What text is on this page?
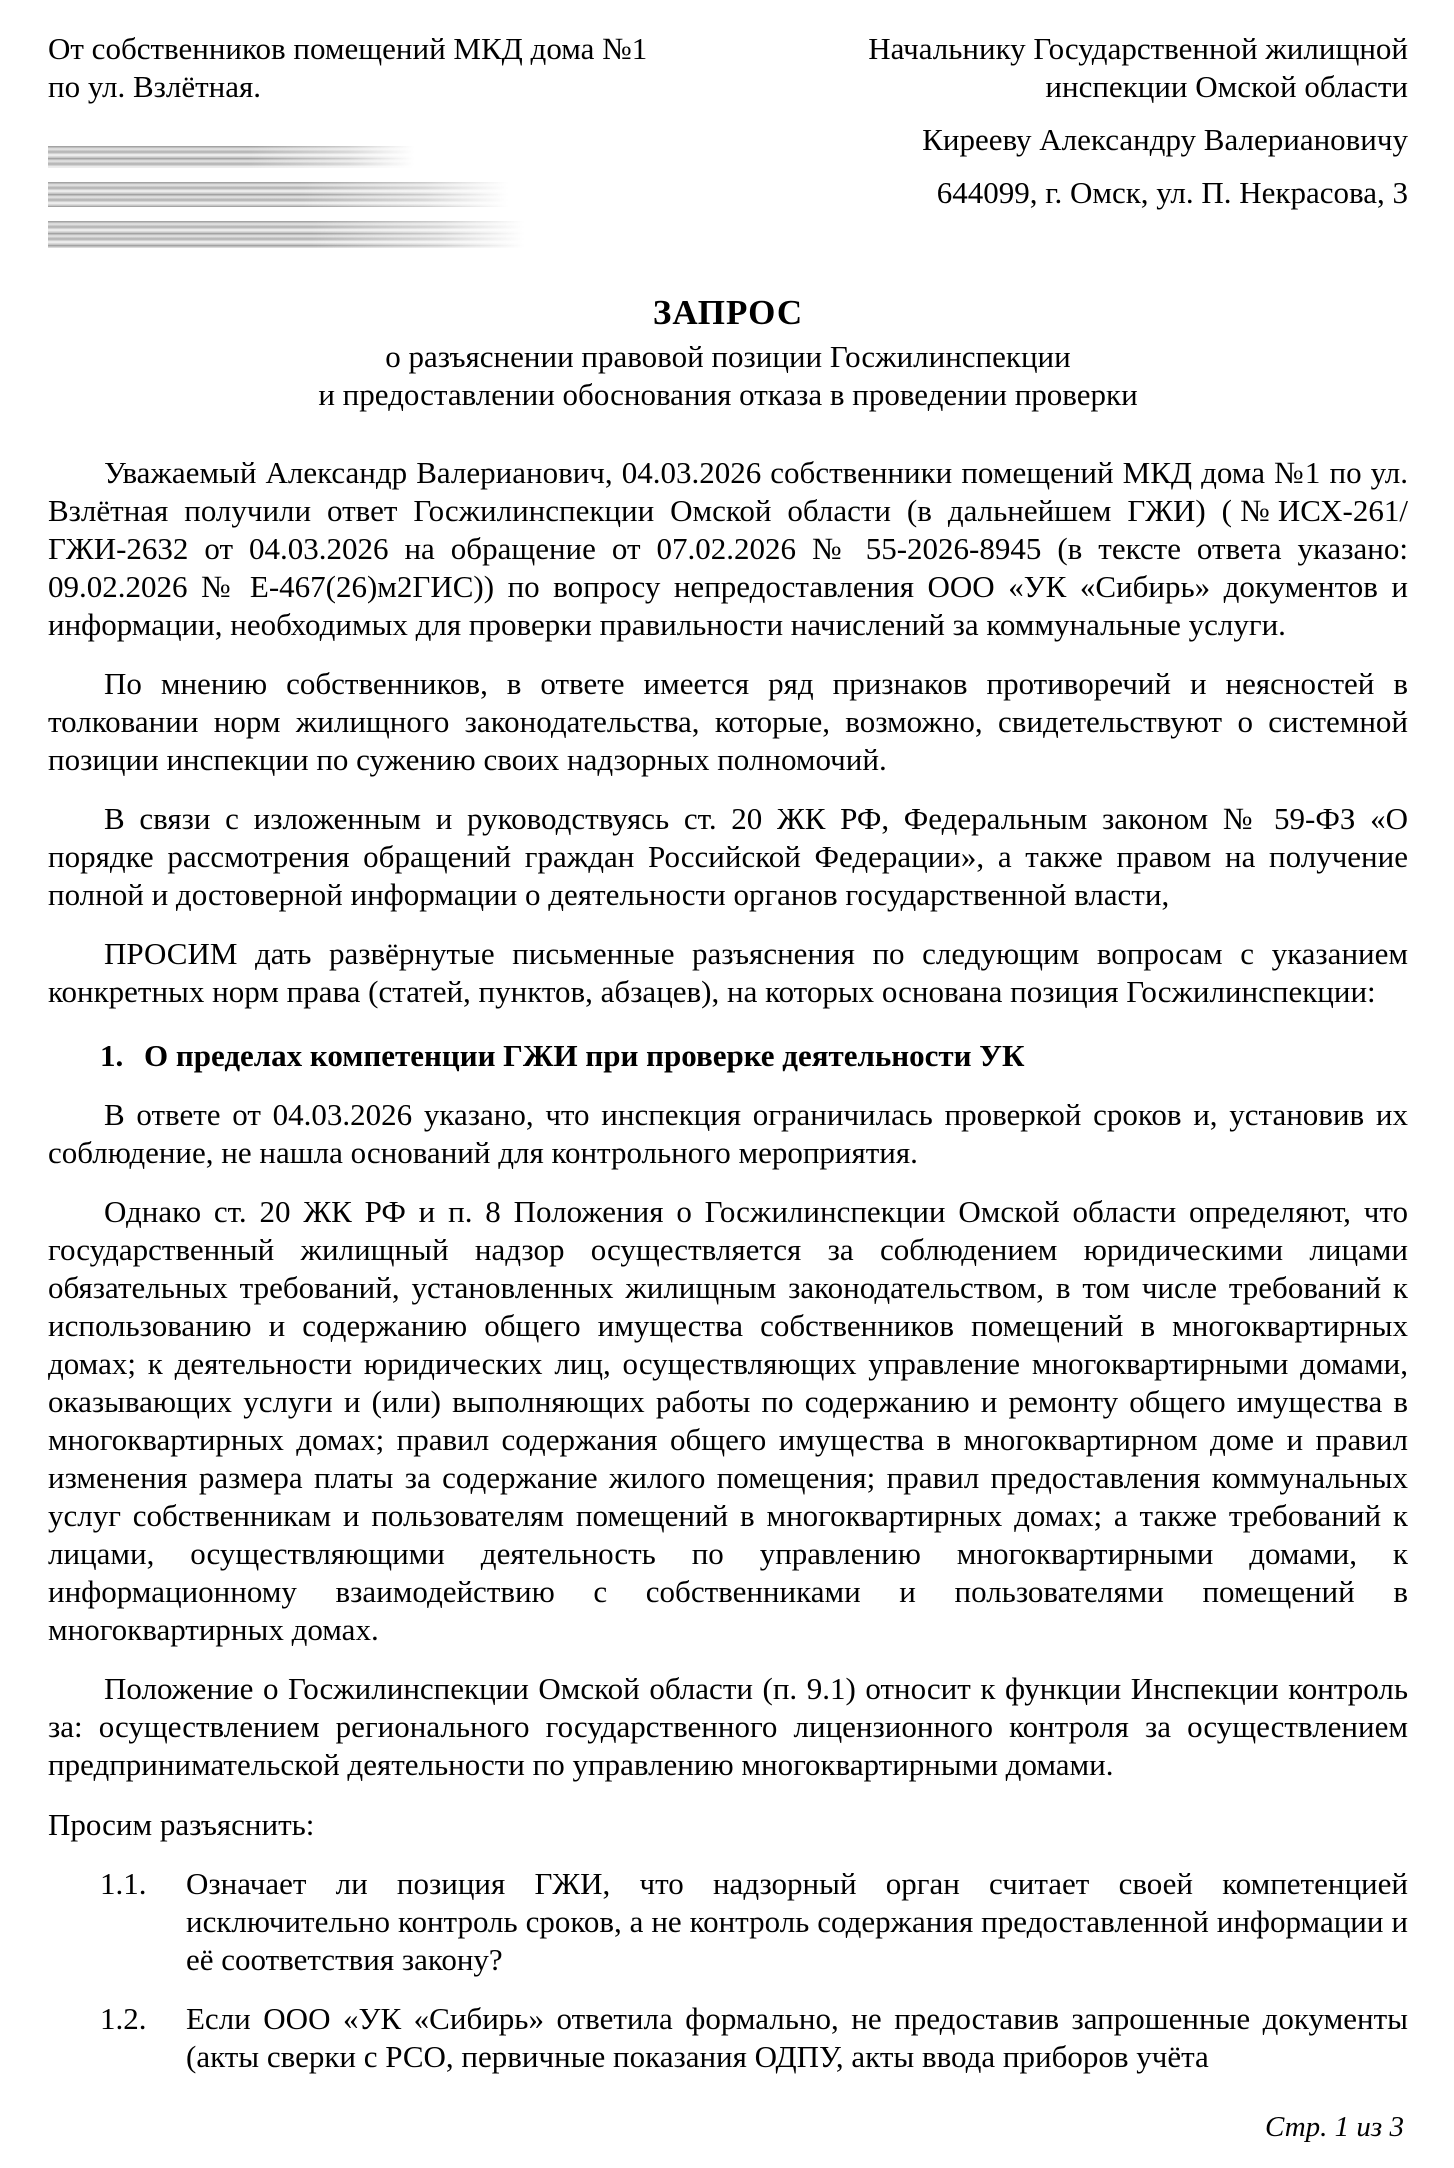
От собственников помещений МКД дома №1

по ул. Взлётная.

Начальнику Государственной жилищной

инспекции Омской области

Кирееву Александру Валериановичу

644099, г. Омск, ул. П. Некрасова, 3

ЗАПРОС

о разъяснении правовой позиции Госжилинспекции

и предоставлении обоснования отказа в проведении проверки

Уважаемый Александр Валерианович, 04.03.2026 собственники помещений МКД дома №1 по ул. Взлётная получили ответ Госжилинспекции Омской области (в дальнейшем ГЖИ) (№ИСХ-261/ГЖИ-2632 от 04.03.2026 на обращение от 07.02.2026 № 55-2026-8945 (в тексте ответа указано: 09.02.2026 № Е-467(26)м2ГИС)) по вопросу непредоставления ООО «УК «Сибирь» документов и информации, необходимых для проверки правильности начислений за коммунальные услуги.

По мнению собственников, в ответе имеется ряд признаков противоречий и неясностей в толковании норм жилищного законодательства, которые, возможно, свидетельствуют о системной позиции инспекции по сужению своих надзорных полномочий.

В связи с изложенным и руководствуясь ст. 20 ЖК РФ, Федеральным законом № 59-ФЗ «О порядке рассмотрения обращений граждан Российской Федерации», а также правом на получение полной и достоверной информации о деятельности органов государственной власти,

ПРОСИМ дать развёрнутые письменные разъяснения по следующим вопросам с указанием конкретных норм права (статей, пунктов, абзацев), на которых основана позиция Госжилинспекции:

1. О пределах компетенции ГЖИ при проверке деятельности УК

В ответе от 04.03.2026 указано, что инспекция ограничилась проверкой сроков и, установив их соблюдение, не нашла оснований для контрольного мероприятия.

Однако ст. 20 ЖК РФ и п. 8 Положения о Госжилинспекции Омской области определяют, что государственный жилищный надзор осуществляется за соблюдением юридическими лицами обязательных требований, установленных жилищным законодательством, в том числе требований к использованию и содержанию общего имущества собственников помещений в многоквартирных домах; к деятельности юридических лиц, осуществляющих управление многоквартирными домами, оказывающих услуги и (или) выполняющих работы по содержанию и ремонту общего имущества в многоквартирных домах; правил содержания общего имущества в многоквартирном доме и правил изменения размера платы за содержание жилого помещения; правил предоставления коммунальных услуг собственникам и пользователям помещений в многоквартирных домах; а также требований к лицами, осуществляющими деятельность по управлению многоквартирными домами, к информационному взаимодействию с собственниками и пользователями помещений в многоквартирных домах.

Положение о Госжилинспекции Омской области (п. 9.1) относит к функции Инспекции контроль за: осуществлением регионального государственного лицензионного контроля за осуществлением предпринимательской деятельности по управлению многоквартирными домами.

Просим разъяснить:

1.1.	Означает ли позиция ГЖИ, что надзорный орган считает своей компетенцией исключительно контроль сроков, а не контроль содержания предоставленной информации и её соответствия закону?
1.2.	Если ООО «УК «Сибирь» ответила формально, не предоставив запрошенные документы (акты сверки с РСО, первичные показания ОДПУ, акты ввода приборов учёта
Стр. 1 из 3
